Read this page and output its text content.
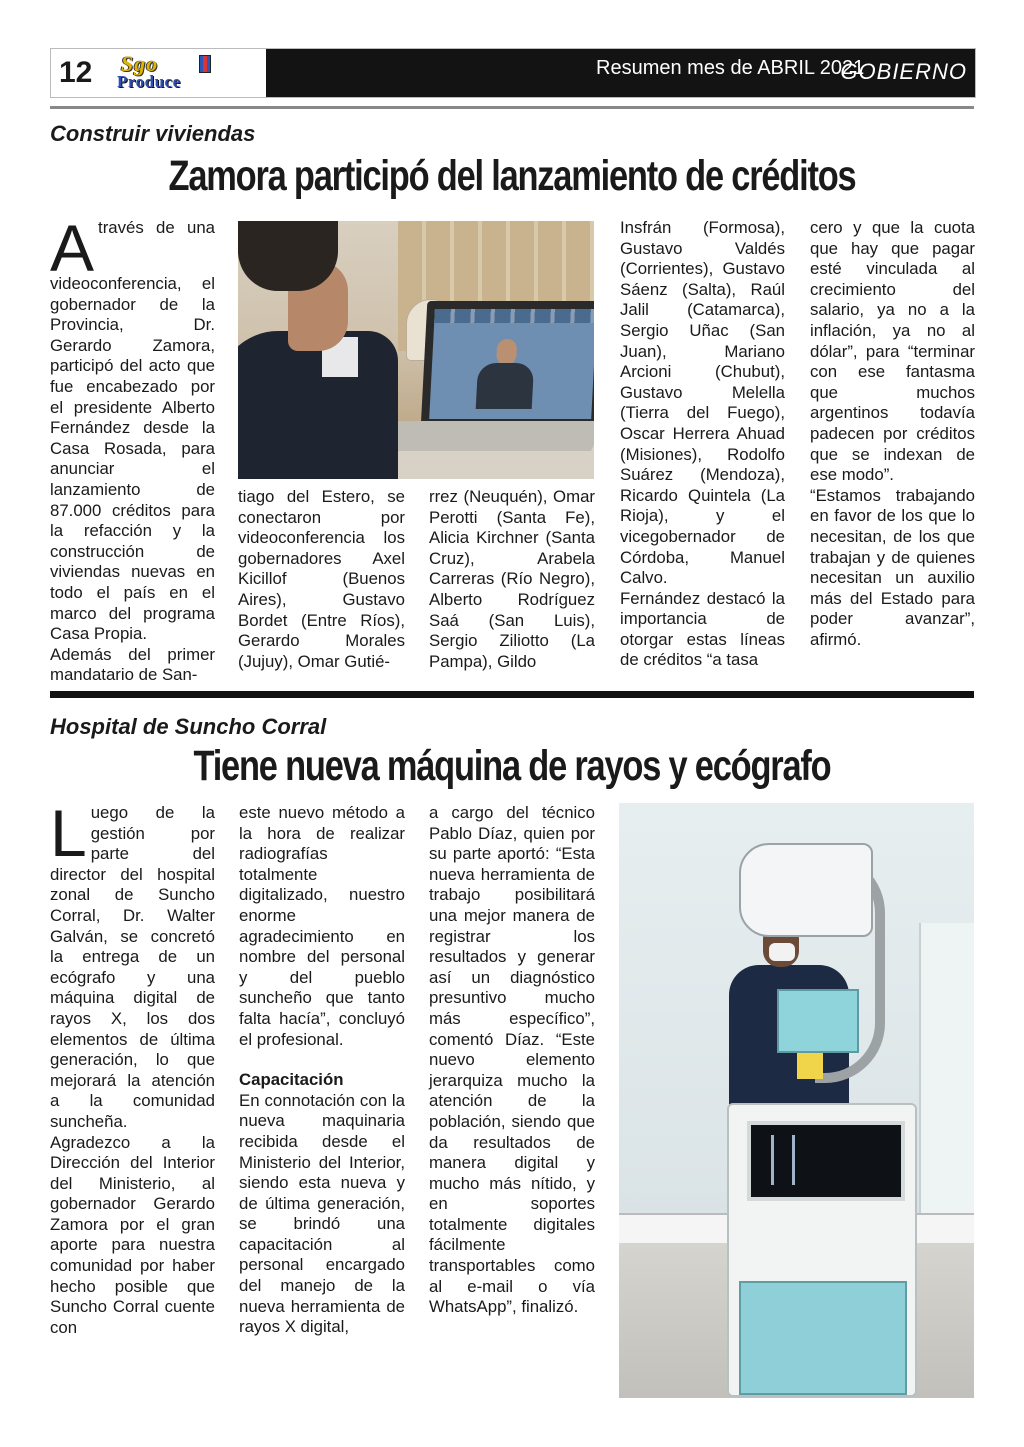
12 Sgo
Produce
Resumen mes de ABRIL 2021
GOBIERNO
Construir viviendas
Zamora participó del lanzamiento de créditos

Através de una videoconferencia, el gobernador de la Provincia, Dr. Gerardo Zamora, participó del acto que fue encabezado por el presidente Alberto Fernández desde la Casa Rosada, para anunciar el lanzamiento de 87.000 créditos para la refacción y la construcción de viviendas nuevas en todo el país en el marco del programa Casa Propia.

Además del primer mandatario de San-

tiago del Estero, se conectaron por videoconferencia los gobernadores Axel Kicillof (Buenos Aires), Gustavo Bordet (Entre Ríos), Gerardo Morales (Jujuy), Omar Gutié-

rrez (Neuquén), Omar Perotti (Santa Fe), Alicia Kirchner (Santa Cruz), Arabela Carreras (Río Negro), Alberto Rodríguez Saá (San Luis), Sergio Ziliotto (La Pampa), Gildo

Insfrán (Formosa), Gustavo Valdés (Corrientes), Gustavo Sáenz (Salta), Raúl Jalil (Catamarca), Sergio Uñac (San Juan), Mariano Arcioni (Chubut), Gustavo Melella (Tierra del Fuego), Oscar Herrera Ahuad (Misiones), Rodolfo Suárez (Mendoza), Ricardo Quintela (La Rioja), y el vicegobernador de Córdoba, Manuel Calvo.

Fernández destacó la importancia de otorgar estas líneas de créditos “a tasa

cero y que la cuota que hay que pagar esté vinculada al crecimiento del salario, ya no a la inflación, ya no al dólar”, para “terminar con ese fantasma que muchos argentinos todavía padecen por créditos que se indexan de ese modo”.

“Estamos trabajando en favor de los que lo necesitan, de los que trabajan y de quienes necesitan un auxilio más del Estado para poder avanzar”, afirmó.

Hospital de Suncho Corral
Tiene nueva máquina de rayos y ecógrafo

Luego de la gestión por parte del director del hospital zonal de Suncho Corral, Dr. Walter Galván, se concretó la entrega de un ecógrafo y una máquina digital de rayos X, los dos elementos de última generación, lo que mejorará la atención a la comunidad sunchеña.

Agradezco a la Dirección del Interior del Ministerio, al gobernador Gerardo Zamora por el gran aporte para nuestra comunidad por haber hecho posible que Suncho Corral cuente con

este nuevo método a la hora de realizar radiografías totalmente digitalizado, nuestro enorme agradecimiento en nombre del personal y del pueblo sunchеño que tanto falta hacía”, concluyó el profesional.

Capacitación

En connotación con la nueva maquinaria recibida desde el Ministerio del Interior, siendo esta nueva y de última generación, se brindó una capacitación al personal encargado del manejo de la nueva herramienta de rayos X digital,

a cargo del técnico Pablo Díaz, quien por su parte aportó: “Esta nueva herramienta de trabajo posibilitará una mejor manera de registrar los resultados y generar así un diagnóstico presuntivo mucho más específico”, comentó Díaz. “Este nuevo elemento jerarquiza mucho la atención de la población, siendo que da resultados de manera digital y mucho más nítido, y en soportes totalmente digitales fácilmente transportables como al e-mail o vía WhatsApp”, finalizó.
